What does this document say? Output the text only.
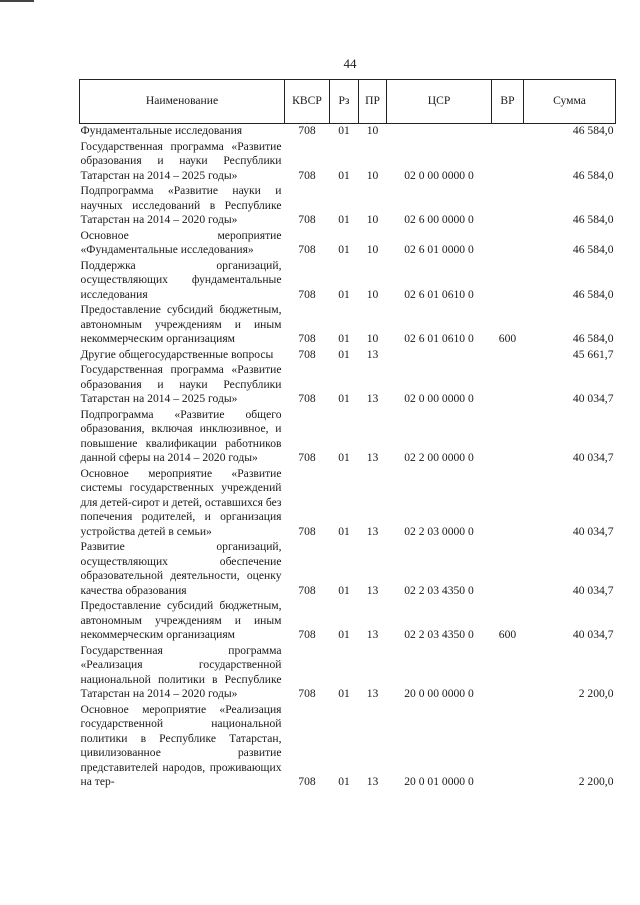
44
Наименование	КВСР	Рз	ПР	ЦСР	ВР	Сумма
Фундаментальные исследования	708	01	10			46 584,0
Государственная программа «Развитие образования и науки Республики Татарстан на 2014 – 2025 годы»	708	01	10	02 0 00 0000 0		46 584,0
Подпрограмма «Развитие науки и научных исследований в Республике Татарстан на 2014 – 2020 годы»	708	01	10	02 6 00 0000 0		46 584,0
Основное мероприятие «Фундаментальные исследования»	708	01	10	02 6 01 0000 0		46 584,0
Поддержка организаций, осуществляющих фундаментальные исследования	708	01	10	02 6 01 0610 0		46 584,0
Предоставление субсидий бюджетным, автономным учреждениям и иным некоммерческим организациям	708	01	10	02 6 01 0610 0	600	46 584,0
Другие общегосударственные вопросы	708	01	13			45 661,7
Государственная программа «Развитие образования и науки Республики Татарстан на 2014 – 2025 годы»	708	01	13	02 0 00 0000 0		40 034,7
Подпрограмма «Развитие общего образования, включая инклюзивное, и повышение квалификации работников данной сферы на 2014 – 2020 годы»	708	01	13	02 2 00 0000 0		40 034,7
Основное мероприятие «Развитие системы государственных учреждений для детей-сирот и детей, оставшихся без попечения родителей, и организация устройства детей в семьи»	708	01	13	02 2 03 0000 0		40 034,7
Развитие организаций, осуществляющих обеспечение образовательной деятельности, оценку качества образования	708	01	13	02 2 03 4350 0		40 034,7
Предоставление субсидий бюджетным, автономным учреждениям и иным некоммерческим организациям	708	01	13	02 2 03 4350 0	600	40 034,7
Государственная программа «Реализация государственной национальной политики в Республике Татарстан на 2014 – 2020 годы»	708	01	13	20 0 00 0000 0		2 200,0
Основное мероприятие «Реализация государственной национальной политики в Республике Татарстан, цивилизованное развитие представителей народов, проживающих на тер-	708	01	13	20 0 01 0000 0		2 200,0
